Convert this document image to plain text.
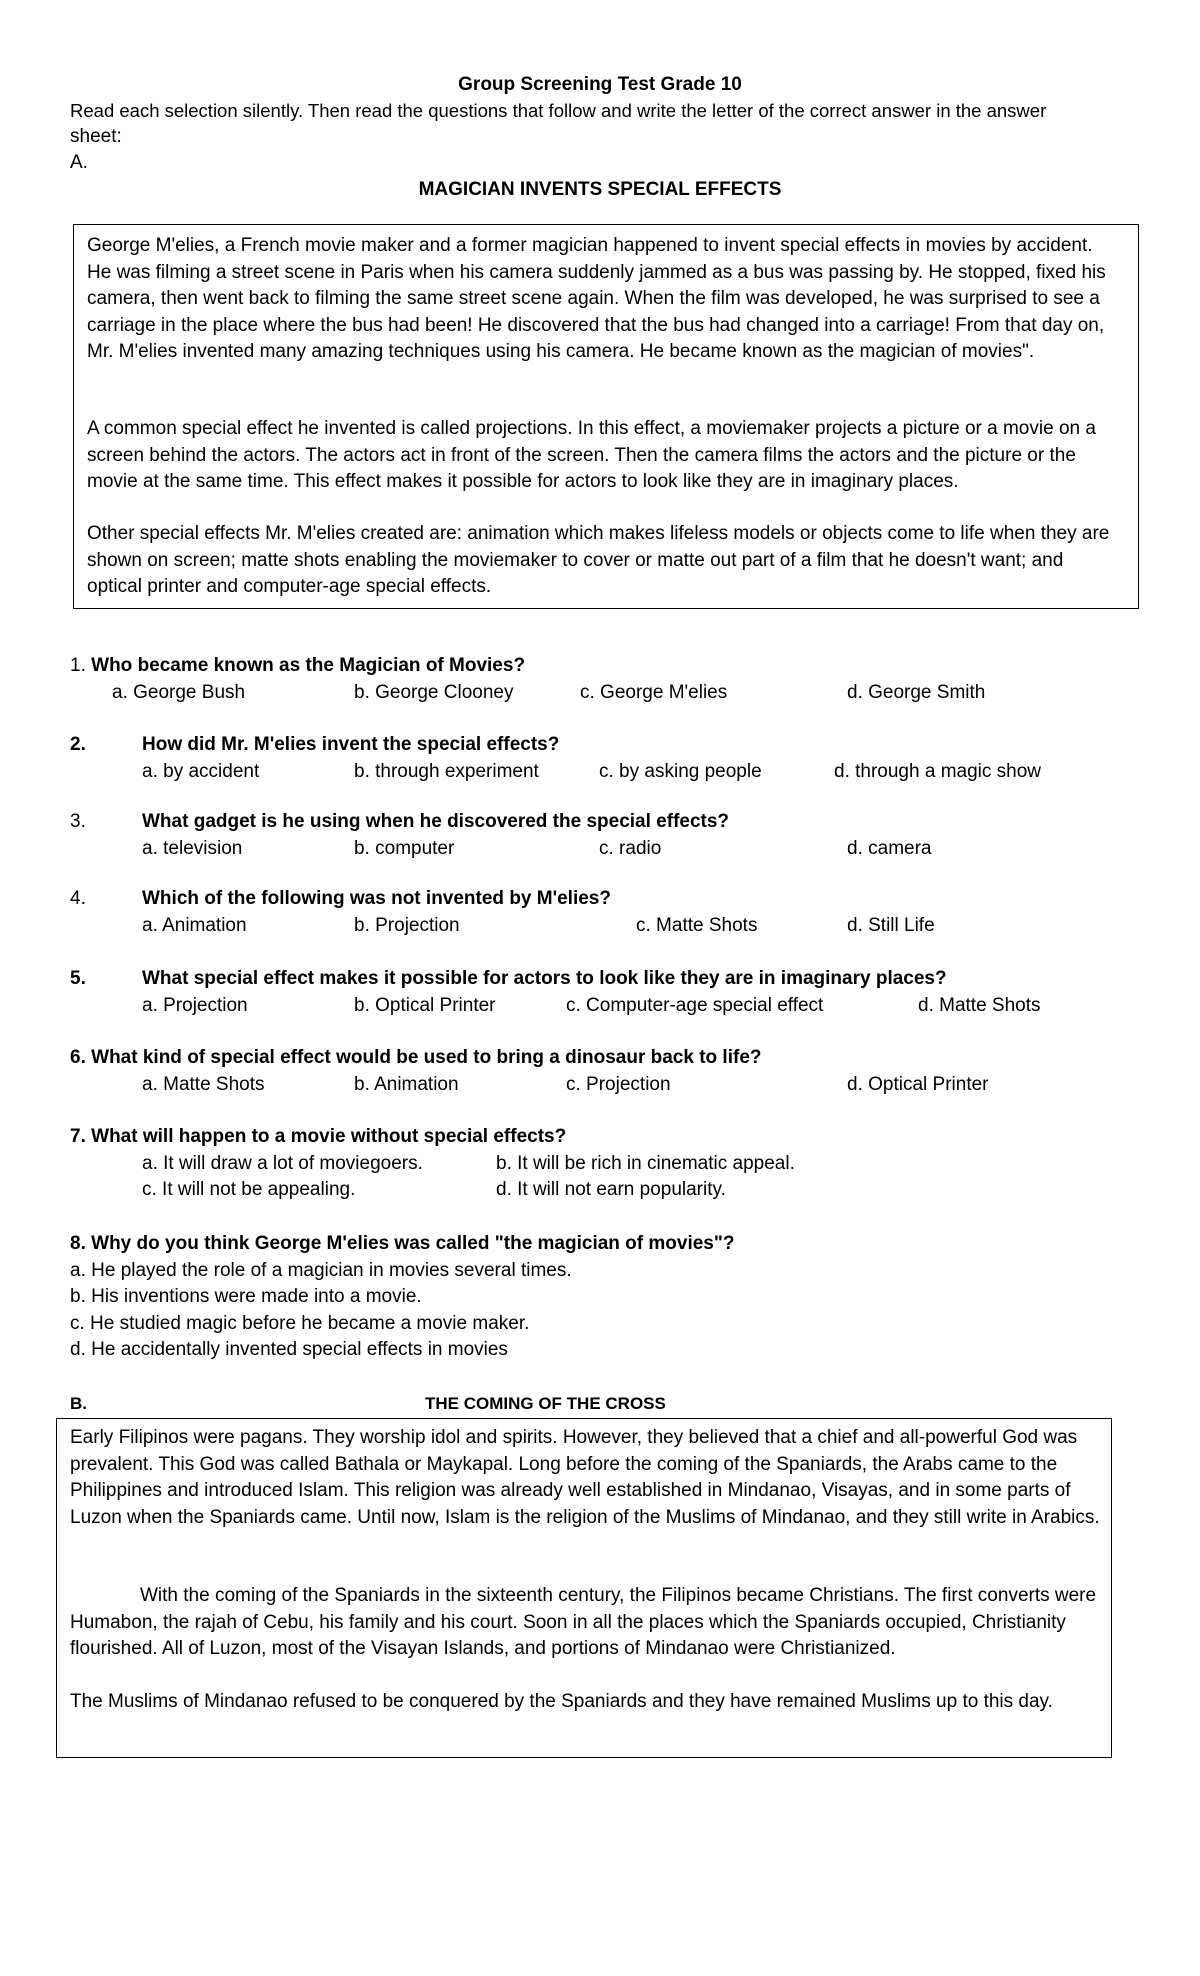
Group Screening Test Grade 10
Read each selection silently. Then read the questions that follow and write the letter of the correct answer in the answer
sheet:
A.
MAGICIAN INVENTS SPECIAL EFFECTS
George M'elies, a French movie maker and a former magician happened to invent special effects in movies by accident. He was filming a street scene in Paris when his camera suddenly jammed as a bus was passing by. He stopped, fixed his camera, then went back to filming the same street scene again. When the film was developed, he was surprised to see a carriage in the place where the bus had been! He discovered that the bus had changed into a carriage! From that day on, Mr. M'elies invented many amazing techniques using his camera. He became known as the magician of movies".
A common special effect he invented is called projections. In this effect, a moviemaker projects a picture or a movie on a screen behind the actors. The actors act in front of the screen. Then the camera films the actors and the picture or the movie at the same time. This effect makes it possible for actors to look like they are in imaginary places.
Other special effects Mr. M'elies created are: animation which makes lifeless models or objects come to life when they are shown on screen; matte shots enabling the moviemaker to cover or matte out part of a film that he doesn't want; and optical printer and computer-age special effects.
1. Who became known as the Magician of Movies?
a. George Bush	b. George Clooney	c. George M'elies	d. George Smith
2.	How did Mr. M'elies invent the special effects?
a. by accident	b. through experiment	c. by asking people	d. through a magic show
3.	What gadget is he using when he discovered the special effects?
a. television	b. computer	c. radio	d. camera
4.	Which of the following was not invented by M'elies?
a. Animation	b. Projection	c. Matte Shots	d. Still Life
5.	What special effect makes it possible for actors to look like they are in imaginary places?
a. Projection	b. Optical Printer	c. Computer-age special effect	d. Matte Shots
6. What kind of special effect would be used to bring a dinosaur back to life?
a. Matte Shots	b. Animation	c. Projection	d. Optical Printer
7. What will happen to a movie without special effects?
a. It will draw a lot of moviegoers.	b. It will be rich in cinematic appeal.
c. It will not be appealing.	d. It will not earn popularity.
8. Why do you think George M'elies was called "the magician of movies"?
a. He played the role of a magician in movies several times.
b. His inventions were made into a movie.
c. He studied magic before he became a movie maker.
d. He accidentally invented special effects in movies
B.	THE COMING OF THE CROSS
Early Filipinos were pagans. They worship idol and spirits. However, they believed that a chief and all-powerful God was prevalent. This God was called Bathala or Maykapal. Long before the coming of the Spaniards, the Arabs came to the Philippines and introduced Islam. This religion was already well established in Mindanao, Visayas, and in some parts of Luzon when the Spaniards came. Until now, Islam is the religion of the Muslims of Mindanao, and they still write in Arabics.
With the coming of the Spaniards in the sixteenth century, the Filipinos became Christians. The first converts were Humabon, the rajah of Cebu, his family and his court. Soon in all the places which the Spaniards occupied, Christianity flourished. All of Luzon, most of the Visayan Islands, and portions of Mindanao were Christianized.
The Muslims of Mindanao refused to be conquered by the Spaniards and they have remained Muslims up to this day.
